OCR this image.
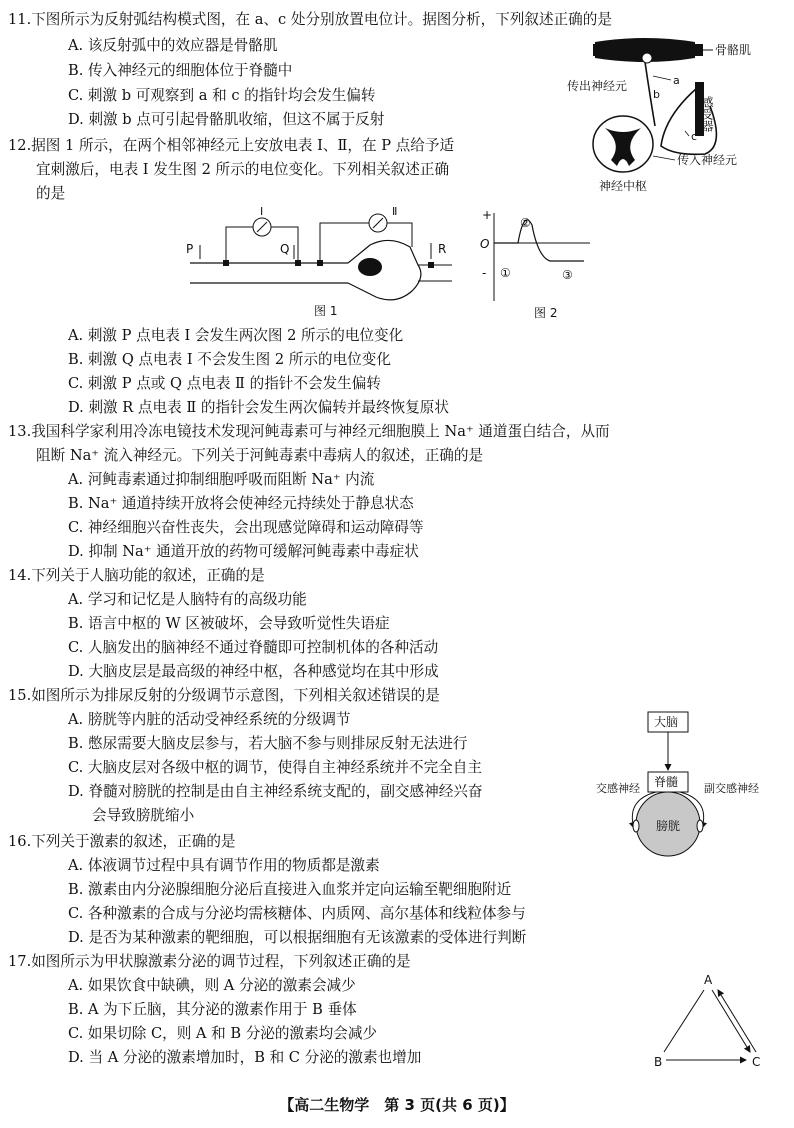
11.下图所示为反射弧结构模式图，在 a、c 处分别放置电位计。据图分析，下列叙述正确的是
A. 该反射弧中的效应器是骨骼肌
B. 传入神经元的细胞体位于脊髓中
C. 刺激 b 可观察到 a 和 c 的指针均会发生偏转
D. 刺激 b 点可引起骨骼肌收缩，但这不属于反射
骨骼肌
a
传出神经元
b
感受器
c
传入神经元
神经中枢
12.据图 1 所示，在两个相邻神经元上安放电表 Ⅰ、Ⅱ，在 P 点给予适
宜刺激后，电表 Ⅰ 发生图 2 所示的电位变化。下列相关叙述正确
的是
Ⅰ
P	Q
Ⅱ
R
图 1
+
O
-
②
①	③
图 2
A. 刺激 P 点电表 Ⅰ 会发生两次图 2 所示的电位变化
B. 刺激 Q 点电表 Ⅰ 不会发生图 2 所示的电位变化
C. 刺激 P 点或 Q 点电表 Ⅱ 的指针不会发生偏转
D. 刺激 R 点电表 Ⅱ 的指针会发生两次偏转并最终恢复原状
13.我国科学家利用冷冻电镜技术发现河鲀毒素可与神经元细胞膜上 Na⁺ 通道蛋白结合，从而
阻断 Na⁺ 流入神经元。下列关于河鲀毒素中毒病人的叙述，正确的是
A. 河鲀毒素通过抑制细胞呼吸而阻断 Na⁺ 内流
B. Na⁺ 通道持续开放将会使神经元持续处于静息状态
C. 神经细胞兴奋性丧失，会出现感觉障碍和运动障碍等
D. 抑制 Na⁺ 通道开放的药物可缓解河鲀毒素中毒症状
14.下列关于人脑功能的叙述，正确的是
A. 学习和记忆是人脑特有的高级功能
B. 语言中枢的 W 区被破坏，会导致听觉性失语症
C. 人脑发出的脑神经不通过脊髓即可控制机体的各种活动
D. 大脑皮层是最高级的神经中枢，各种感觉均在其中形成
15.如图所示为排尿反射的分级调节示意图，下列相关叙述错误的是
A. 膀胱等内脏的活动受神经系统的分级调节
B. 憋尿需要大脑皮层参与，若大脑不参与则排尿反射无法进行
C. 大脑皮层对各级中枢的调节，使得自主神经系统并不完全自主
D. 脊髓对膀胱的控制是由自主神经系统支配的，副交感神经兴奋
会导致膀胱缩小
大脑
脊髓
交感神经	副交感神经
膀胱
16.下列关于激素的叙述，正确的是
A. 体液调节过程中具有调节作用的物质都是激素
B. 激素由内分泌腺细胞分泌后直接进入血浆并定向运输至靶细胞附近
C. 各种激素的合成与分泌均需核糖体、内质网、高尔基体和线粒体参与
D. 是否为某种激素的靶细胞，可以根据细胞有无该激素的受体进行判断
17.如图所示为甲状腺激素分泌的调节过程，下列叙述正确的是
A. 如果饮食中缺碘，则 A 分泌的激素会减少
B. A 为下丘脑，其分泌的激素作用于 B 垂体
C. 如果切除 C，则 A 和 B 分泌的激素均会减少
D. 当 A 分泌的激素增加时，B 和 C 分泌的激素也增加
A
B	C
【高二生物学　第 3 页(共 6 页)】
